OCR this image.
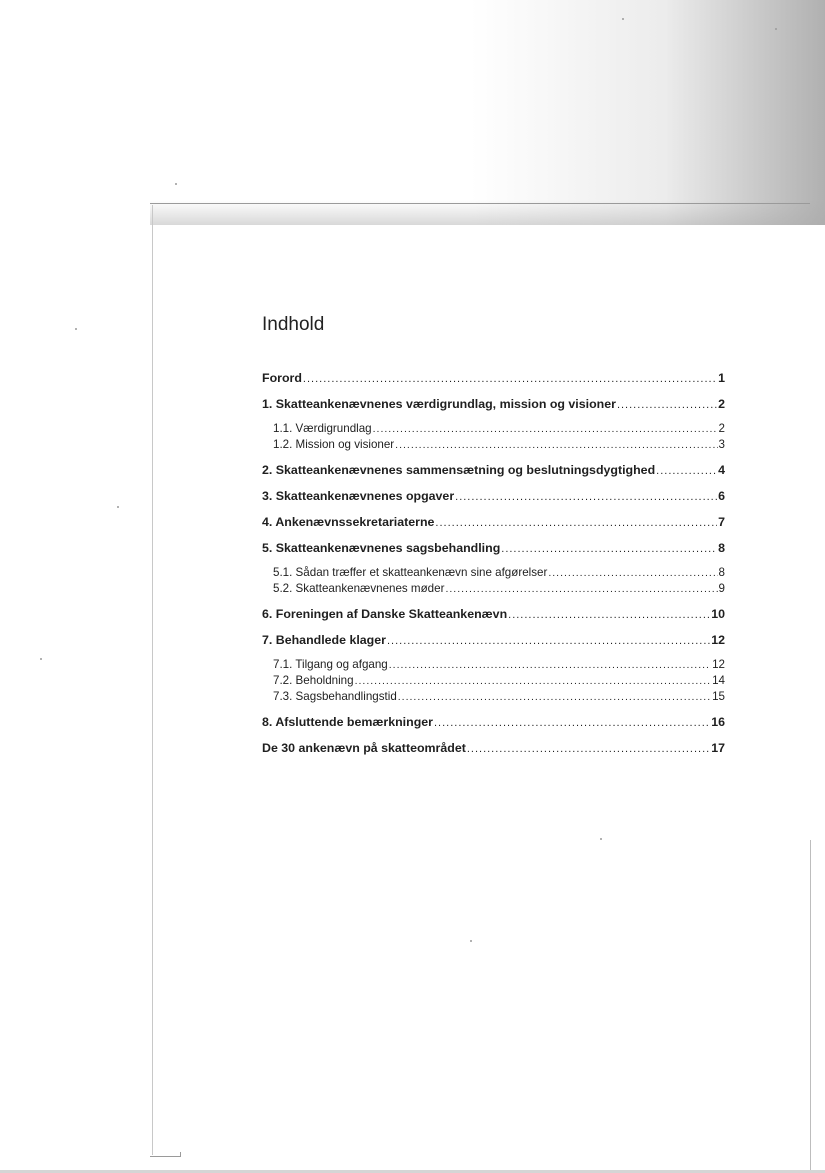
Indhold
Forord .....	1
1. Skatteankenævnenes værdigrundlag, mission og visioner .....	2
1.1. Værdigrundlag .....	2
1.2. Mission og visioner .....	3
2. Skatteankenævnenes sammensætning og beslutningsdygtighed .....	4
3. Skatteankenævnenes opgaver .....	6
4. Ankenævnssekretariaterne .....	7
5. Skatteankenævnenes sagsbehandling .....	8
5.1. Sådan træffer et skatteankenævn sine afgørelser .....	8
5.2. Skatteankenævnenes møder .....	9
6. Foreningen af Danske Skatteankenævn .....	10
7. Behandlede klager .....	12
7.1. Tilgang og afgang .....	12
7.2. Beholdning .....	14
7.3. Sagsbehandlingstid .....	15
8. Afsluttende bemærkninger .....	16
De 30 ankenævn på skatteområdet .....	17
